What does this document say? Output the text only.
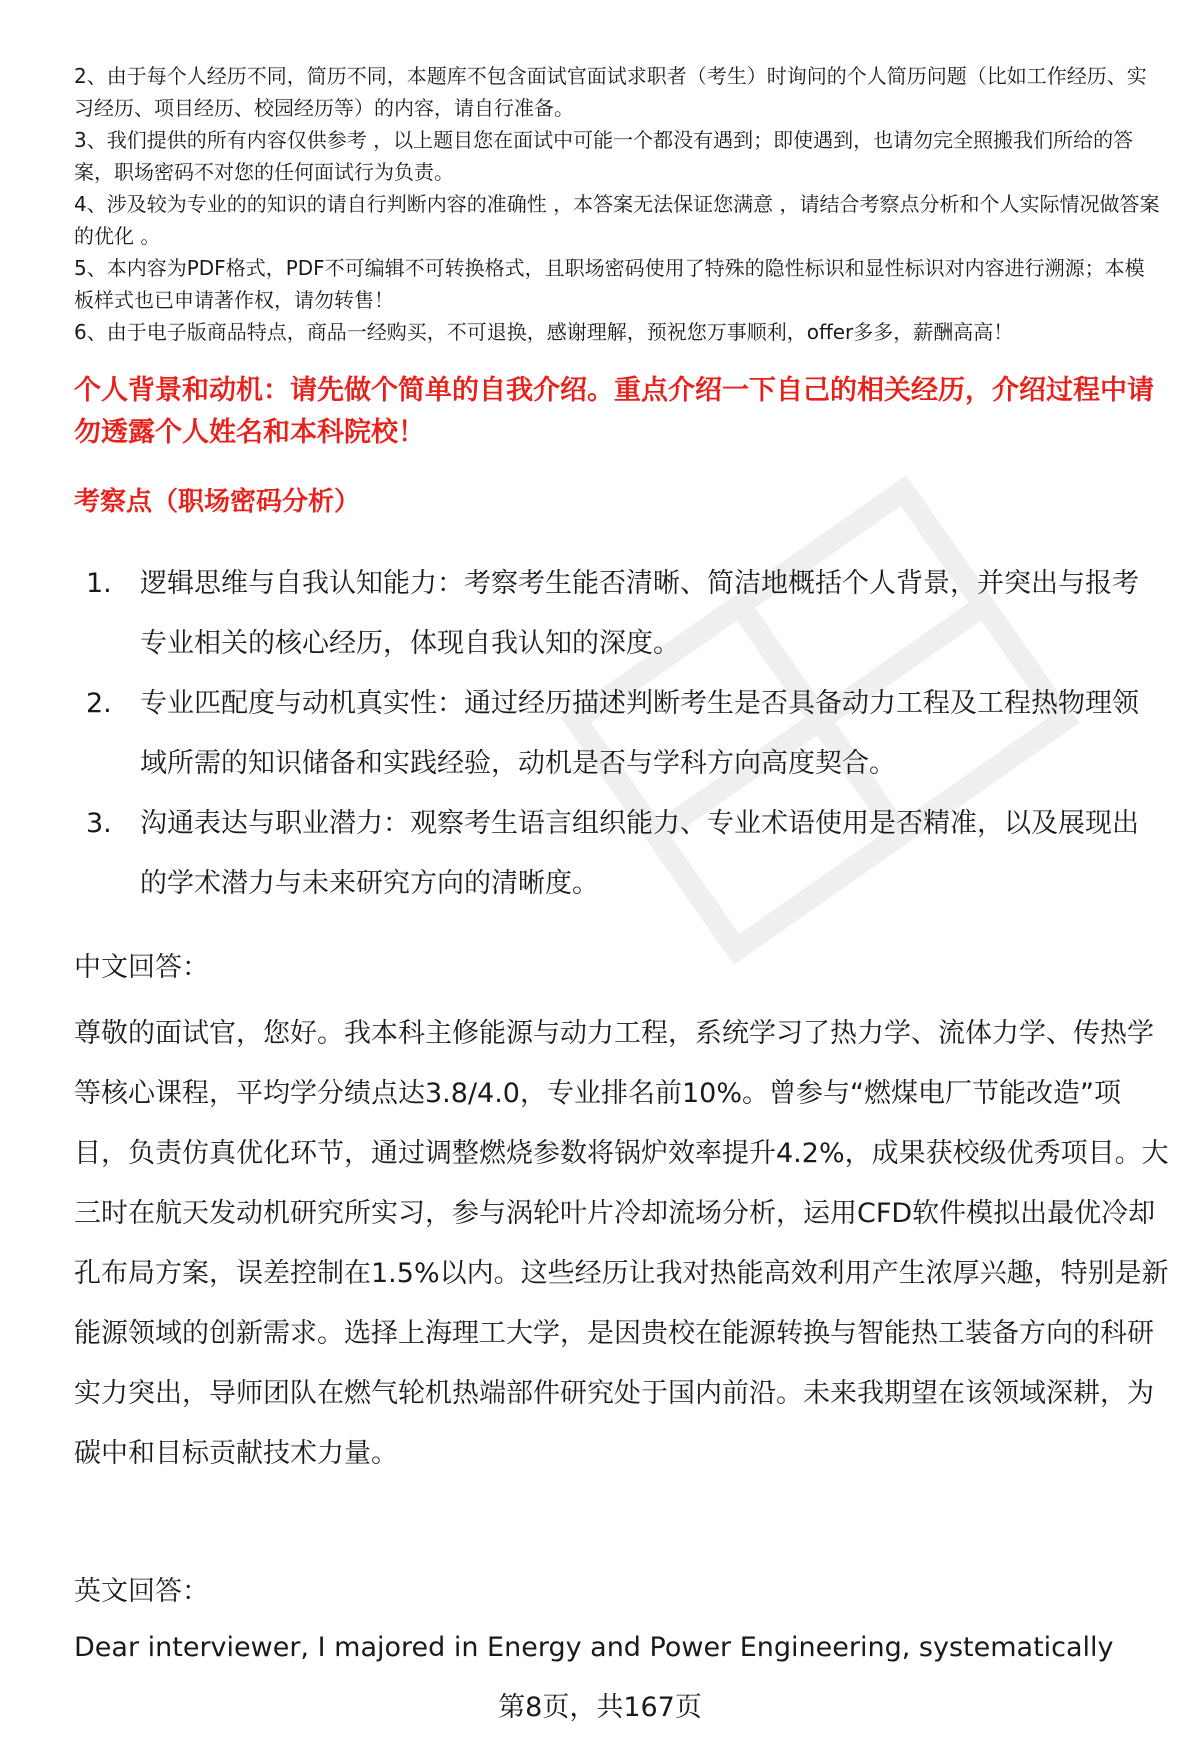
2、由于每个人经历不同，简历不同，本题库不包含面试官面试求职者（考生）时询问的个人简历问题（比如工作经历、实习经历、项目经历、校园经历等）的内容，请自行准备。

3、我们提供的所有内容仅供参考 ，以上题目您在面试中可能一个都没有遇到；即使遇到，也请勿完全照搬我们所给的答案，职场密码不对您的任何面试行为负责。

4、涉及较为专业的的知识的请自行判断内容的准确性 ，本答案无法保证您满意 ，请结合考察点分析和个人实际情况做答案的优化 。

5、本内容为PDF格式，PDF不可编辑不可转换格式，且职场密码使用了特殊的隐性标识和显性标识对内容进行溯源；本模板样式也已申请著作权，请勿转售！

6、由于电子版商品特点，商品一经购买，不可退换，感谢理解，预祝您万事顺利，offer多多，薪酬高高！

个人背景和动机：请先做个简单的自我介绍。重点介绍一下自己的相关经历，介绍过程中请勿透露个人姓名和本科院校！
考察点（职场密码分析）
1.	逻辑思维与自我认知能力：考察考生能否清晰、简洁地概括个人背景，并突出与报考专业相关的核心经历，体现自我认知的深度。
2.	专业匹配度与动机真实性：通过经历描述判断考生是否具备动力工程及工程热物理领域所需的知识储备和实践经验，动机是否与学科方向高度契合。
3.	沟通表达与职业潜力：观察考生语言组织能力、专业术语使用是否精准，以及展现出的学术潜力与未来研究方向的清晰度。

中文回答：

尊敬的面试官，您好。我本科主修能源与动力工程，系统学习了热力学、流体力学、传热学等核心课程，平均学分绩点达3.8/4.0，专业排名前10%。曾参与“燃煤电厂节能改造”项目，负责仿真优化环节，通过调整燃烧参数将锅炉效率提升4.2%，成果获校级优秀项目。大三时在航天发动机研究所实习，参与涡轮叶片冷却流场分析，运用CFD软件模拟出最优冷却孔布局方案，误差控制在1.5%以内。这些经历让我对热能高效利用产生浓厚兴趣，特别是新能源领域的创新需求。选择上海理工大学，是因贵校在能源转换与智能热工装备方向的科研实力突出，导师团队在燃气轮机热端部件研究处于国内前沿。未来我期望在该领域深耕，为碳中和目标贡献技术力量。

英文回答：

Dear interviewer, I majored in Energy and Power Engineering, systematically

第8页，共167页
